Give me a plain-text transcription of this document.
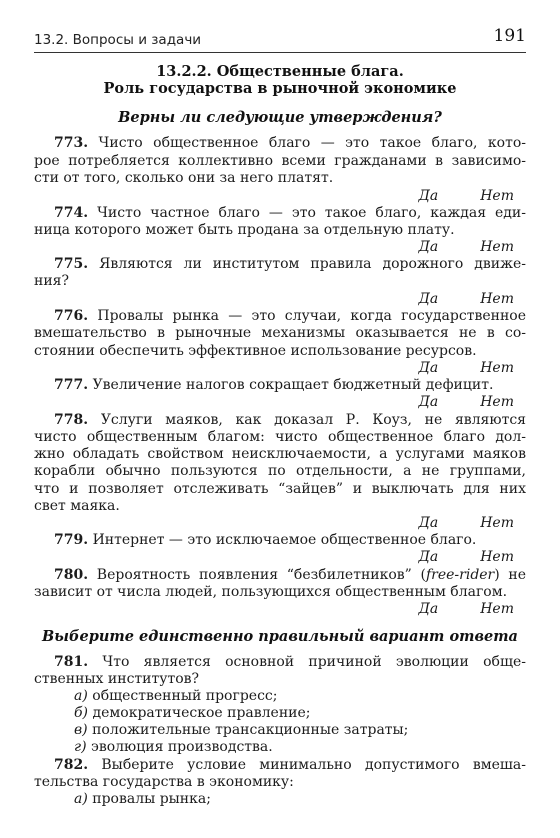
13.2. Вопросы и задачи	191
13.2.2. Общественные блага.
Роль государства в рыночной экономике
Верны ли следующие утверждения?
773. Чисто общественное благо — это такое благо, кото-
рое потребляется коллективно всеми гражданами в зависимо-
сти от того, сколько они за него платят.
Да	Нет
774. Чисто частное благо — это такое благо, каждая еди-
ница которого может быть продана за отдельную плату.
Да	Нет
775. Являются ли институтом правила дорожного движе-
ния?
Да	Нет
776. Провалы рынка — это случаи, когда государственное
вмешательство в рыночные механизмы оказывается не в со-
стоянии обеспечить эффективное использование ресурсов.
Да	Нет
777. Увеличение налогов сокращает бюджетный дефицит.
Да	Нет
778. Услуги маяков, как доказал Р. Коуз, не являются
чисто общественным благом: чисто общественное благо дол-
жно обладать свойством неисключаемости, а услугами маяков
корабли обычно пользуются по отдельности, а не группами,
что и позволяет отслеживать “зайцев” и выключать для них
свет маяка.
Да	Нет
779. Интернет — это исключаемое общественное благо.
Да	Нет
780. Вероятность появления “безбилетников” (free-rider) не
зависит от числа людей, пользующихся общественным благом.
Да	Нет
Выберите единственно правильный вариант ответа
781. Что является основной причиной эволюции обще-
ственных институтов?
а) общественный прогресс;
б) демократическое правление;
в) положительные трансакционные затраты;
г) эволюция производства.
782. Выберите условие минимально допустимого вмеша-
тельства государства в экономику:
а) провалы рынка;
